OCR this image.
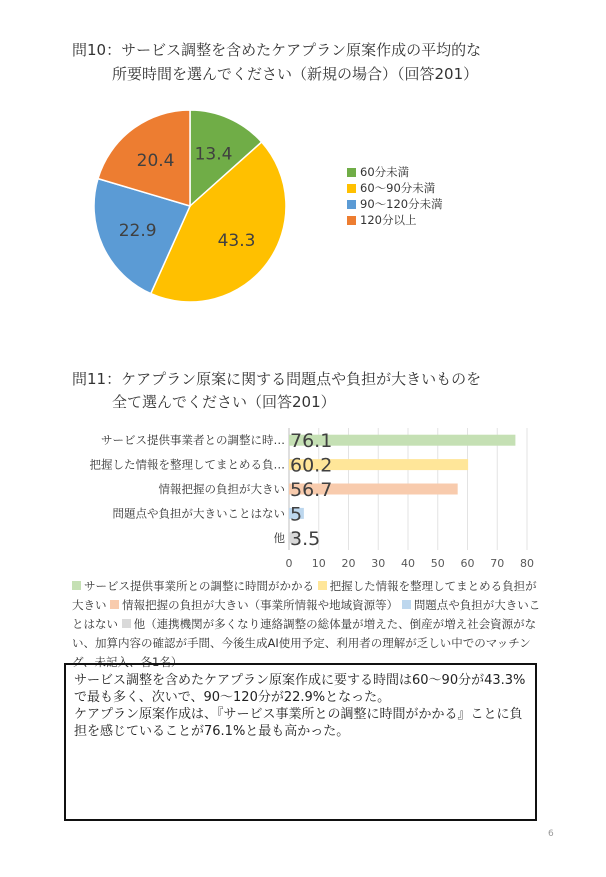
問10：サービス調整を含めたケアプラン原案作成の平均的な
所要時間を選んでください（新規の場合）（回答201）
13.4
43.3
22.9
20.4
60分未満
60～90分未満
90～120分未満
120分以上
問11：ケアプラン原案に関する問題点や負担が大きいものを
全て選んでください（回答201）
0 10 20 30 40 50 60 70 80
サービス提供事業者との調整に時… 76.1
把握した情報を整理してまとめる負… 60.2
情報把握の負担が大きい 56.7
問題点や負担が大きいことはない 5
他 3.5
サービス提供事業所との調整に時間がかかる 把握した情報を整理してまとめる負担が大きい 情報把握の負担が大きい（事業所情報や地域資源等） 問題点や負担が大きいことはない 他（連携機関が多くなり連絡調整の総体量が増えた、倒産が増え社会資源がない、加算内容の確認が手間、今後生成AI使用予定、利用者の理解が乏しい中でのマッチング、未記入、各1名）

サービス調整を含めたケアプラン原案作成に要する時間は60～90分が43.3%で最も多く、次いで、90～120分が22.9%となった。

ケアプラン原案作成は、『サービス事業所との調整に時間がかかる』ことに負担を感じていることが76.1%と最も高かった。

6
